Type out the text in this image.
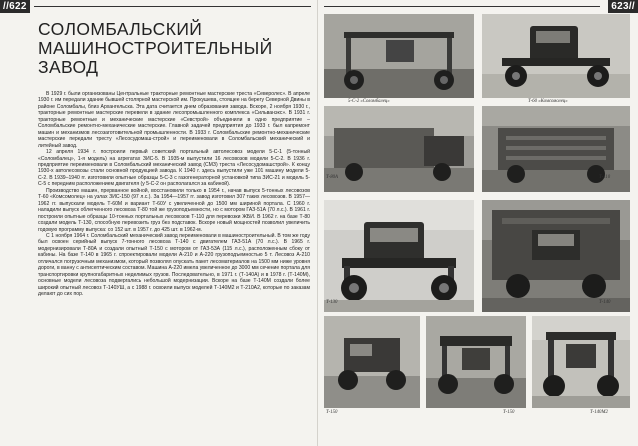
//622
СОЛОМБАЛЬСКИЙ
МАШИНОСТРОИТЕЛЬНЫЙ
ЗАВОД

В 1929 г. были организованы Центральные тракторные ремонтные мастерские треста «Северолес». В апреле 1930 г. им передали здание бывшей столярной мастерской им. Прокушева, стоящее на берегу Северной Двины в районе Соломбалы, близ Архангельска. Эта дата считается днем образования завода. Вскоре, 2 ноября 1930 г., тракторные ремонтные мастерские перевели в здание лесопромышленного комплекса «Сильванэкс». В 1931 г. тракторные ремонтные и механические мастерские «Севстрой» объединили в одно предприятие – Соломбальские ремонтно-механические мастерские. Главной задачей предприятия до 1933 г. был капремонт машин и механизмов лесозаготовительной промышленности. В 1933 г. Соломбальские ремонтно-механические мастерские передали тресту «Лесосудомаш-строй» и переименовали в Соломбальский механический и литейный завод.

12 апреля 1934 г. построили первый советский портальный автолесовоз модели 5-С-1 (5-тонный «Соломбалец», 1-я модель) на агрегатах ЗИС-5. В 1935-м выпустили 16 лесовозов модели 5-С-2. В 1936 г. предприятие переименовали в Соломбальский механический завод (СМЗ) треста «Лесосудомашстрой». К концу 1930-х автолесовозы стали основной продукцией завода. К 1940 г. здесь выпустили уже 101 машину модели 5-С-2. В 1939–1940 гг. изготовили опытные образцы 5-С-3 с газогенераторной установкой типа ЗИС-21 и модель 5-С-5 с передним расположением двигателя (у 5-С-2 он располагался за кабиной).

Производство машин, прерванное войной, восстановили только в 1954 г., начав выпуск 5-тонных лесовозов Т-60 «Комсомолец» на узлах ЗИС-150 (97 л.с.). За 1954—1957 гг. завод изготовил 307 таких лесовозов. В 1957—1962 гг. выпускали модель Т-60М и вариант Т-60У с увеличенной до 1500 мм шириной портала. С 1960 г. наладили выпуск облегченного лесовоза Т-80 той же грузоподъемности, но с мотором ГАЗ-51А (70 л.с.). В 1961 г. построили опытные образцы 10-тонных портальных лесовозов Т-110 для перевозки ЖБИ. В 1962 г. на базе Т-80 создали модель Т-130, способную перевозить груз без подставок. Вскоре новый мощностей позволил увеличить годовую программу выпуска: со 152 шт. в 1957 г. до 425 шт. в 1962-м.

С 1 ноября 1964 г. Соломбальский механический завод переименовали в машиностроительный. В том же году был освоен серийный выпуск 7-тонного лесовоза Т-140 с двигателем ГАЗ-51А (70 л.с.). В 1965 г. модернизировали Т-80А и создали опытный Т-150 с мотором от ГАЗ-53А (115 л.с.), расположенным сбоку от кабины. На базе Т-140 в 1965 г. спроектировали модели А-210 и А-220 грузоподъемностью 5 т. Лесовоз А-210 отличался погрузочным механизмом, который позволял опускать пакет лесоматериалов на 1500 мм ниже уровня дороги, в ванну с антисептическим составом. Машина А-220 имела увеличенное до 3000 мм сечение портала для транспортировки крупногабаритных неделимых грузов. Последовательно, в 1971 г. (Т-140А) и в 1978 г. (Т-140М), основные модели лесовоза подвергались небольшой модернизации. Вскоре на базе Т-140М создали более широкий опытный лесовоз Т-140УШ, а с 1988 г. освоили выпуск моделей Т-140М2 и Т-210А2, которые по заказам делают до сих пор.

623//
5-С-2 «Соломбалец»	Т-60 «Комсомолец»
Т-80А	Т-110
Т-130	Т-140
Т-150	Т-150	Т-140М2
